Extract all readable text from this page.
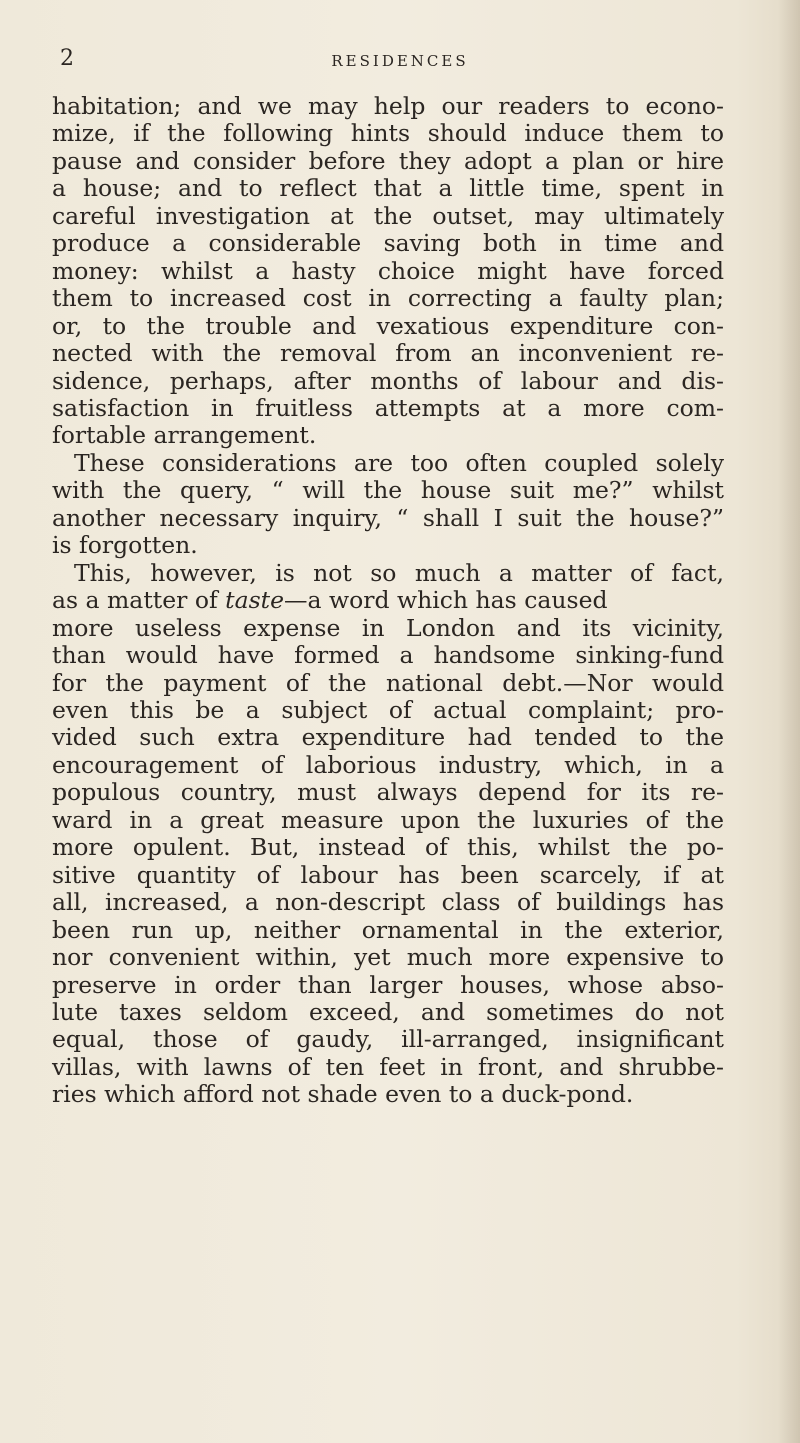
2	RESIDENCES
habitation; and we may help our readers to econo-
mize, if the following hints should induce them to
pause and consider before they adopt a plan or hire
a house; and to reflect that a little time, spent in
careful investigation at the outset, may ultimately
produce a considerable saving both in time and
money: whilst a hasty choice might have forced
them to increased cost in correcting a faulty plan;
or, to the trouble and vexatious expenditure con-
nected with the removal from an inconvenient re-
sidence, perhaps, after months of labour and dis-
satisfaction in fruitless attempts at a more com-
fortable arrangement.
These considerations are too often coupled solely
with the query, “ will the house suit me?” whilst
another necessary inquiry, “ shall I suit the house?”
is forgotten.
This, however, is not so much a matter of fact,
as a matter of taste—a word which has caused
more useless expense in London and its vicinity,
than would have formed a handsome sinking-fund
for the payment of the national debt.—Nor would
even this be a subject of actual complaint; pro-
vided such extra expenditure had tended to the
encouragement of laborious industry, which, in a
populous country, must always depend for its re-
ward in a great measure upon the luxuries of the
more opulent. But, instead of this, whilst the po-
sitive quantity of labour has been scarcely, if at
all, increased, a non-descript class of buildings has
been run up, neither ornamental in the exterior,
nor convenient within, yet much more expensive to
preserve in order than larger houses, whose abso-
lute taxes seldom exceed, and sometimes do not
equal, those of gaudy, ill-arranged, insignificant
villas, with lawns of ten feet in front, and shrubbe-
ries which afford not shade even to a duck-pond.
